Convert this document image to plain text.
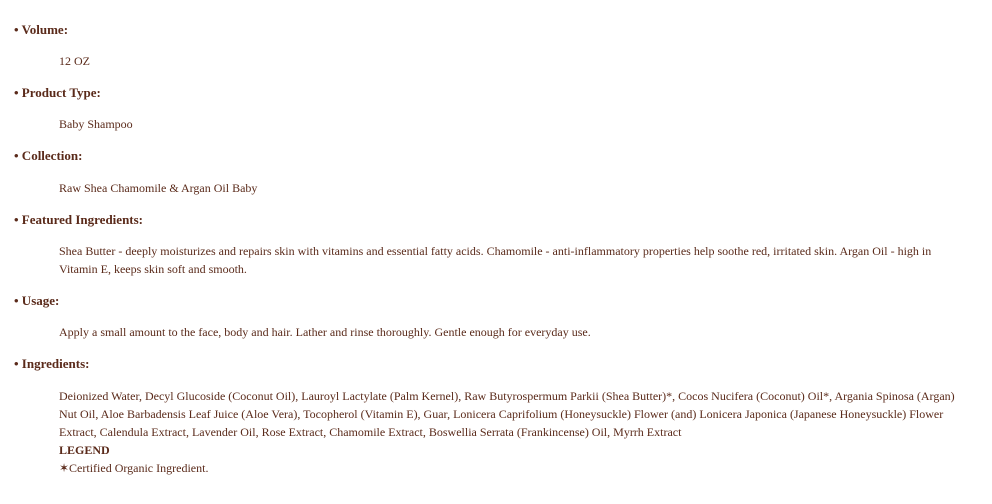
• Volume:

12 OZ

• Product Type:

Baby Shampoo

• Collection:

Raw Shea Chamomile & Argan Oil Baby

• Featured Ingredients:

Shea Butter - deeply moisturizes and repairs skin with vitamins and essential fatty acids. Chamomile - anti-inflammatory properties help soothe red, irritated skin. Argan Oil - high in Vitamin E, keeps skin soft and smooth.

• Usage:

Apply a small amount to the face, body and hair. Lather and rinse thoroughly. Gentle enough for everyday use.

• Ingredients:
Deionized Water, Decyl Glucoside (Coconut Oil), Lauroyl Lactylate (Palm Kernel), Raw Butyrospermum Parkii (Shea Butter)*, Cocos Nucifera (Coconut) Oil*, Argania Spinosa (Argan) Nut Oil, Aloe Barbadensis Leaf Juice (Aloe Vera), Tocopherol (Vitamin E), Guar, Lonicera Caprifolium (Honeysuckle) Flower (and) Lonicera Japonica (Japanese Honeysuckle) Flower Extract, Calendula Extract, Lavender Oil, Rose Extract, Chamomile Extract, Boswellia Serrata (Frankincense) Oil, Myrrh Extract
LEGEND
✶Certified Organic Ingredient.
